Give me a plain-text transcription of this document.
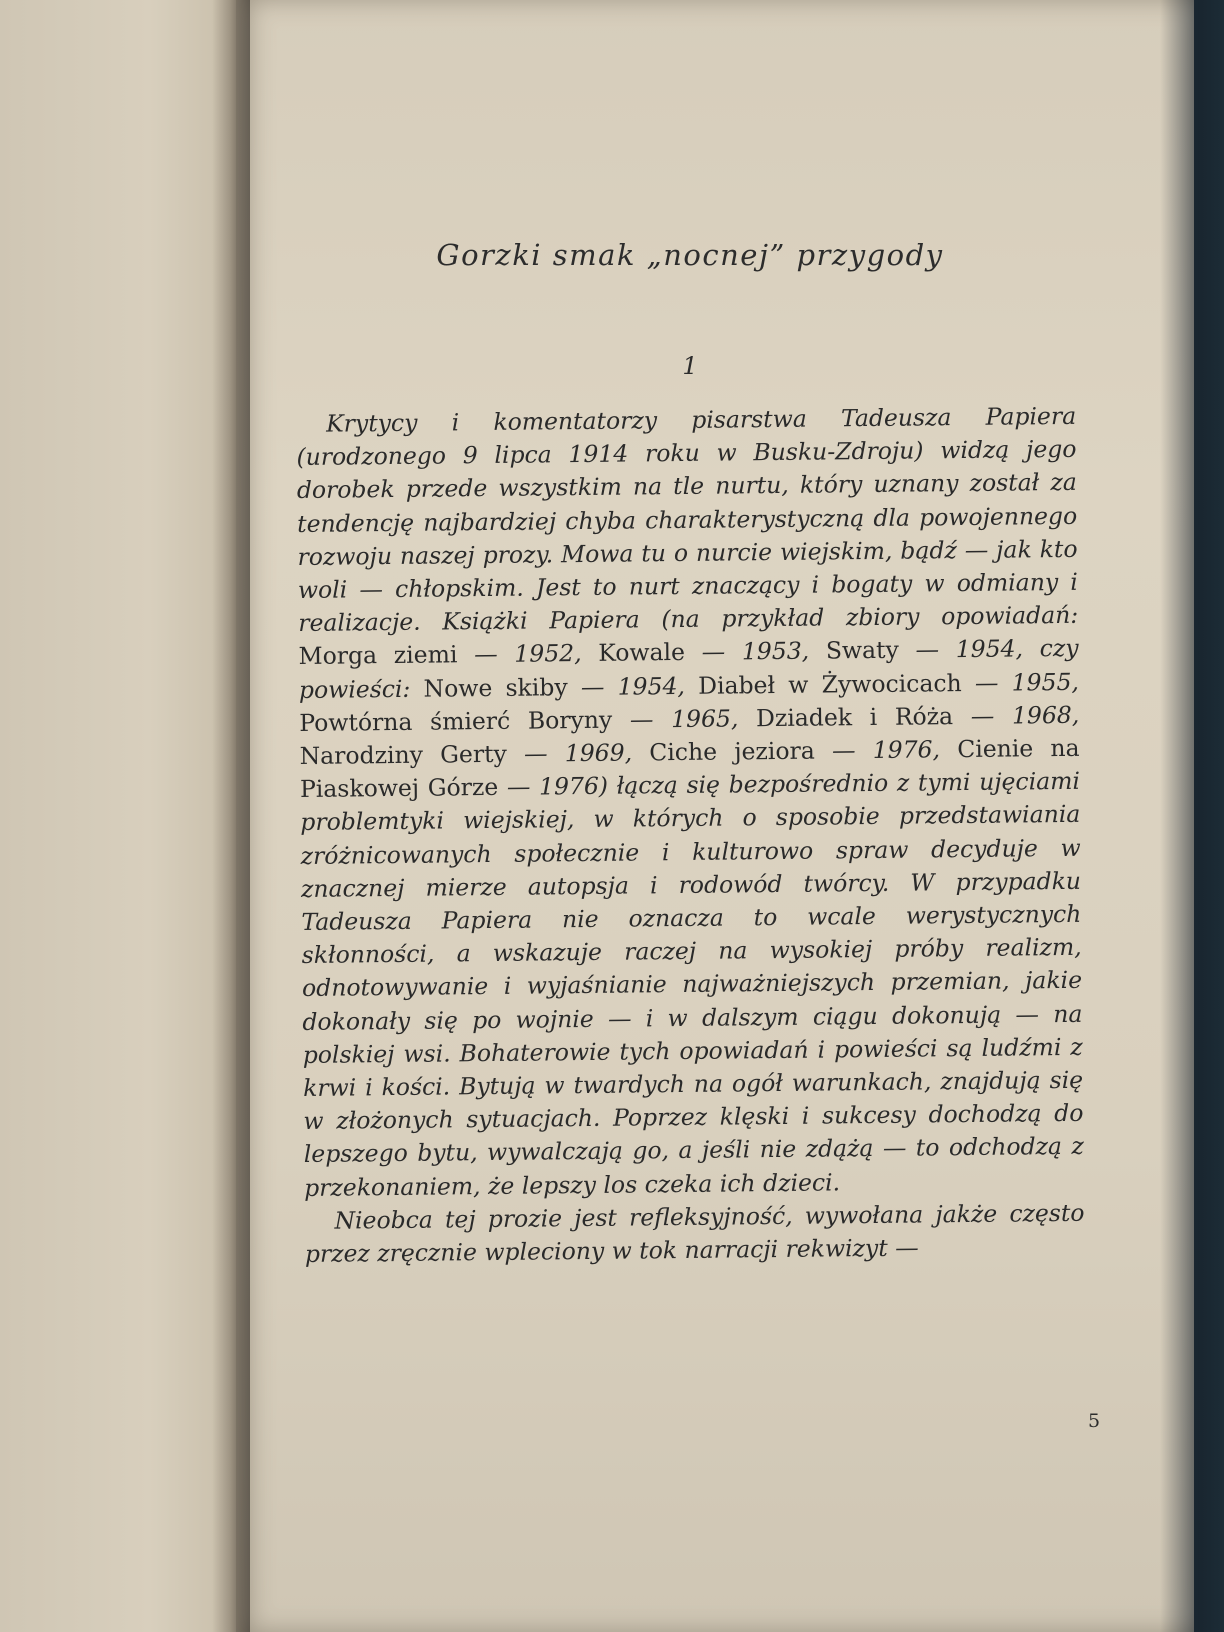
Gorzki smak „nocnej” przygody
1

Krytycy i komentatorzy pisarstwa Tadeusza Papiera (urodzonego 9 lipca 1914 roku w Busku-Zdroju) widzą jego dorobek przede wszystkim na tle nurtu, który uznany został za tendencję najbardziej chyba charakterystyczną dla powojennego rozwoju naszej prozy. Mowa tu o nurcie wiejskim, bądź — jak kto woli — chłopskim. Jest to nurt znaczący i bogaty w odmiany i realizacje. Książki Papiera (na przykład zbiory opowiadań: Morga ziemi — 1952, Kowale — 1953, Swaty — 1954, czy powieści: Nowe skiby — 1954, Diabeł w Żywocicach — 1955, Powtórna śmierć Boryny — 1965, Dziadek i Róża — 1968, Narodziny Gerty — 1969, Ciche jeziora — 1976, Cienie na Piaskowej Górze — 1976) łączą się bezpośrednio z tymi ujęciami problemtyki wiejskiej, w których o sposobie przedstawiania zróżnicowanych społecznie i kulturowo spraw decyduje w znacznej mierze autopsja i rodowód twórcy. W przypadku Tadeusza Papiera nie oznacza to wcale werystycznych skłonności, a wskazuje raczej na wysokiej próby realizm, odnotowywanie i wyjaśnianie najważniejszych przemian, jakie dokonały się po wojnie — i w dalszym ciągu dokonują — na polskiej wsi. Bohaterowie tych opowiadań i powieści są ludźmi z krwi i kości. Bytują w twardych na ogół warunkach, znajdują się w złożonych sytuacjach. Poprzez klęski i sukcesy dochodzą do lepszego bytu, wywalczają go, a jeśli nie zdążą — to odchodzą z przekonaniem, że lepszy los czeka ich dzieci.

Nieobca tej prozie jest refleksyjność, wywołana jakże często przez zręcznie wpleciony w tok narracji rekwizyt —

5
